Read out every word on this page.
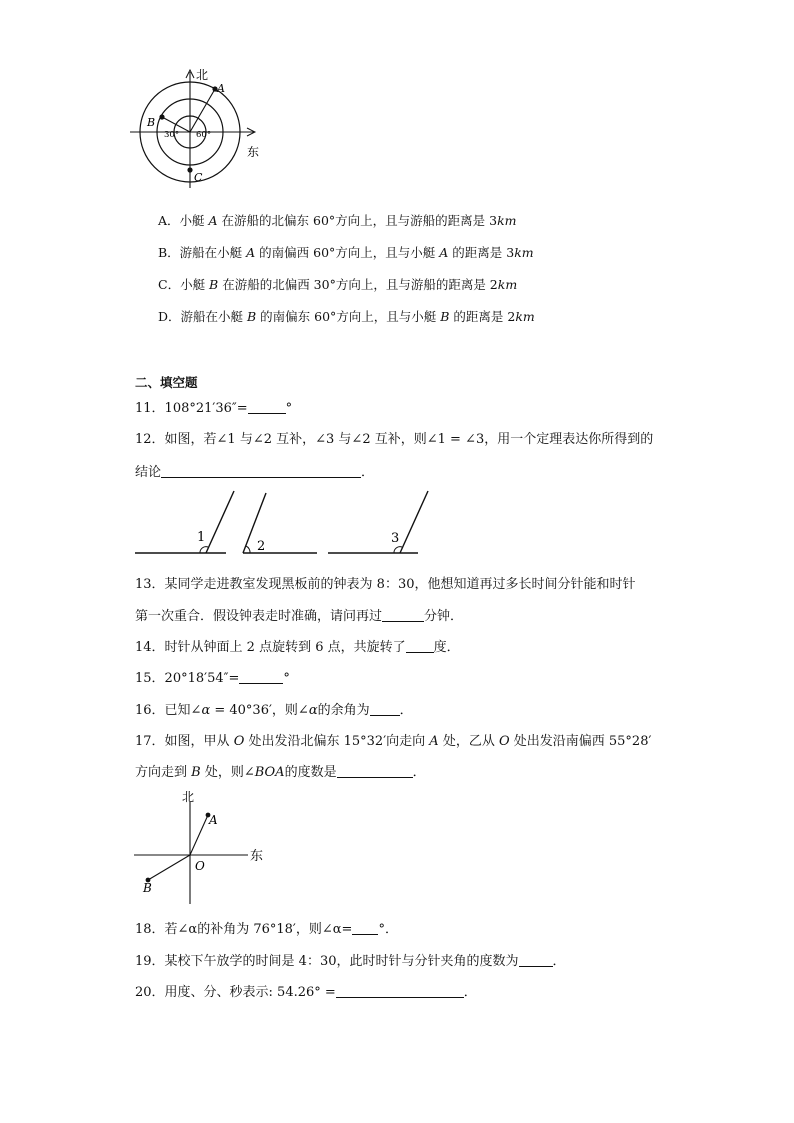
北
东
A
B
C
30° 60°
A．小艇 A 在游船的北偏东 60°方向上，且与游船的距离是 3km
B．游船在小艇 A 的南偏西 60°方向上，且与小艇 A 的距离是 3km
C．小艇 B 在游船的北偏西 30°方向上，且与游船的距离是 2km
D．游船在小艇 B 的南偏东 60°方向上，且与小艇 B 的距离是 2km
二、填空题
11．108°21′36″=	°
12．如图，若∠1 与∠2 互补，∠3 与∠2 互补，则∠1 = ∠3，用一个定理表达你所得到的
结论	．
1
2
3
13．某同学走进教室发现黑板前的钟表为 8：30，他想知道再过多长时间分针能和时针
第一次重合．假设钟表走时准确，请问再过	分钟．
14．时针从钟面上 2 点旋转到 6 点，共旋转了 度．
15．20°18′54″=	°
16．已知∠α = 40°36′，则∠α的余角为 ．
17．如图，甲从 O 处出发沿北偏东 15°32′向走向 A 处，乙从 O 处出发沿南偏西 55°28′
方向走到 B 处，则∠BOA的度数是	．
北
东
A
B
O
18．若∠α的补角为 76°18′，则∠α= °．
19．某校下午放学的时间是 4：30，此时时针与分针夹角的度数为	．
20．用度、分、秒表示: 54.26° =	．
